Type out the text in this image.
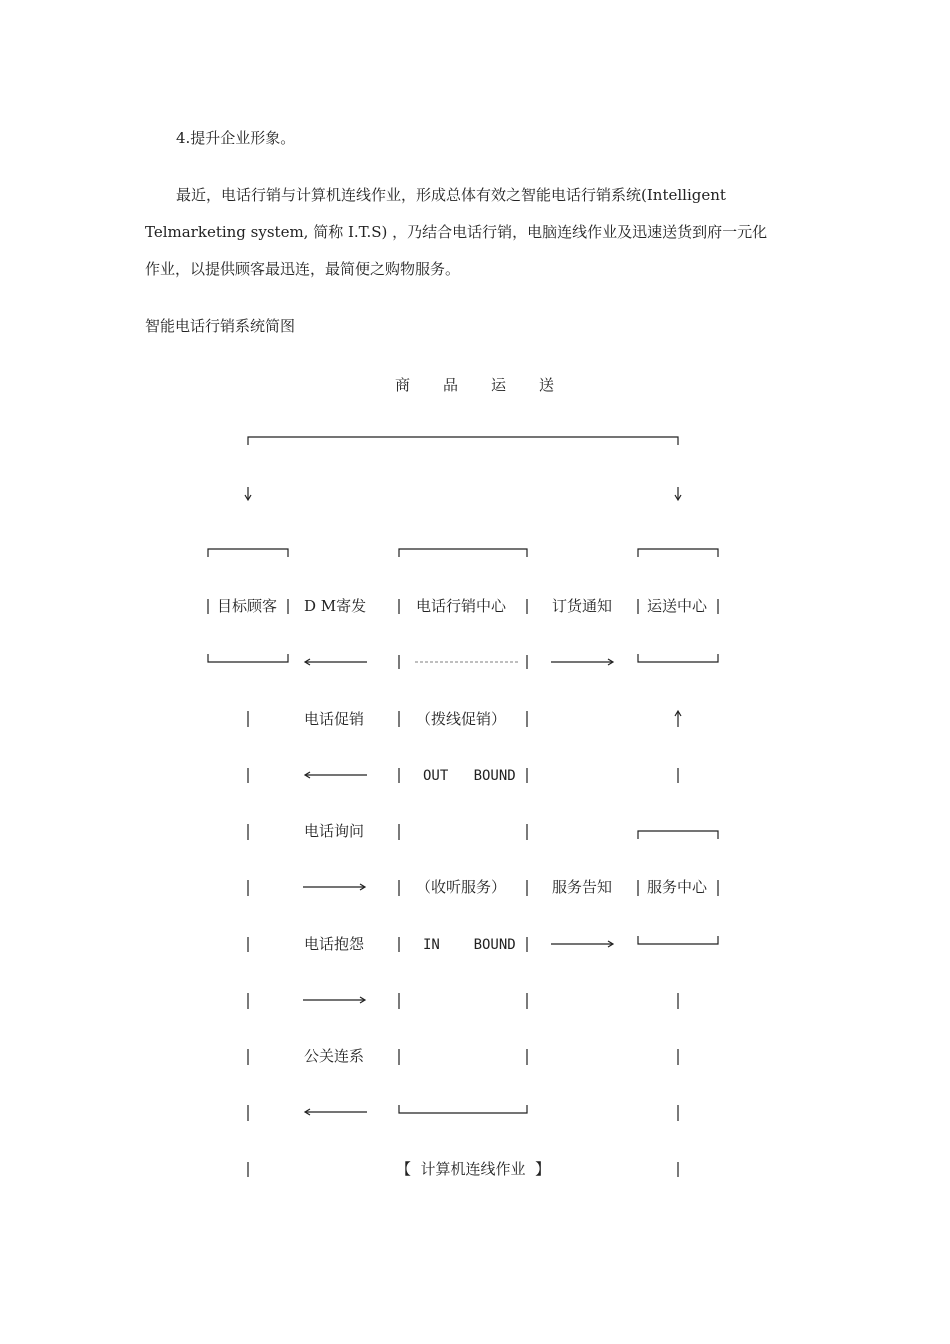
4.提升企业形象。
最近，电话行销与计算机连线作业，形成总体有效之智能电话行销系统(Intelligent
Telmarketing system, 简称 I.T.S) ，乃结合电话行销，电脑连线作业及迅速送货到府一元化
作业，以提供顾客最迅连，最简便之购物服务。
智能电话行销系统简图
商 品 运 送
目标顾客 D M寄发	电话行销中心	订货通知 运送中心
电话促销	（拨线促销）
OUT   BOUND
电话询问
（收听服务）	服务告知 服务中心
电话抱怨	IN    BOUND
公关连系
【  计算机连线作业  】
